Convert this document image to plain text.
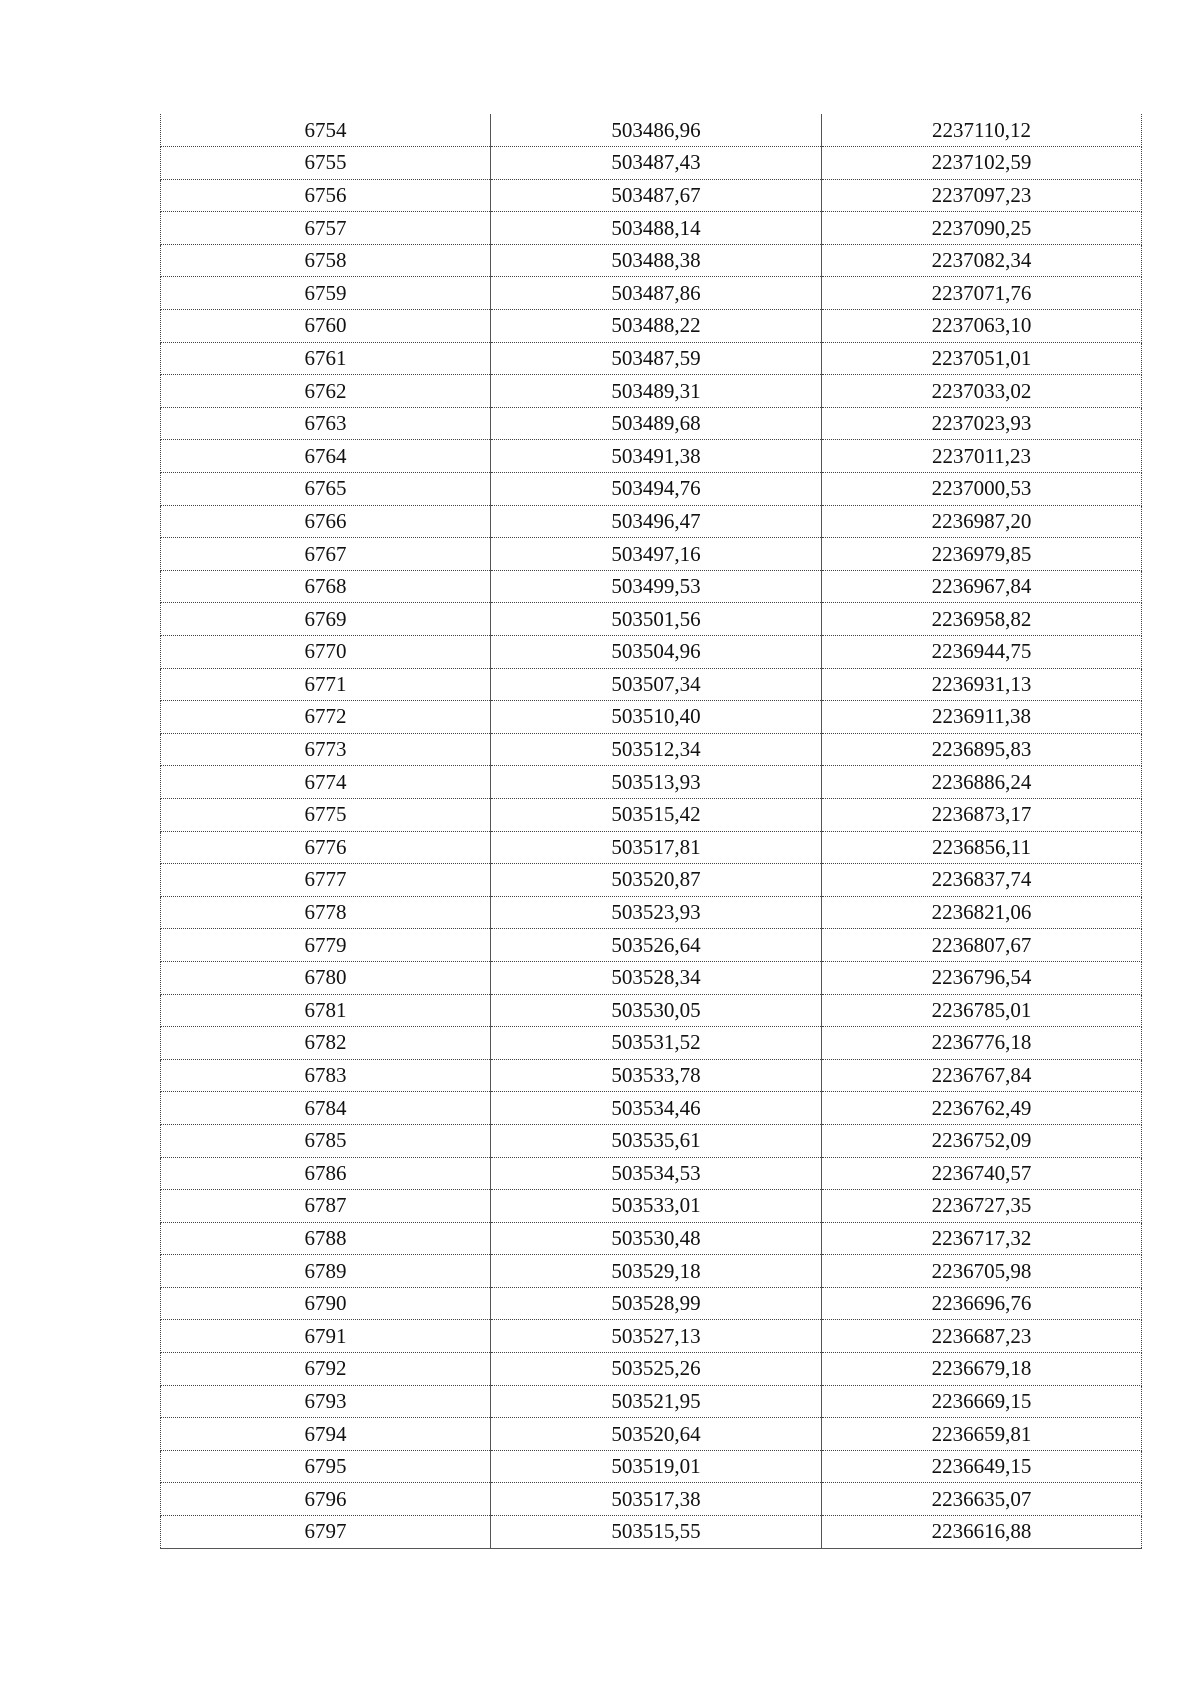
6754	503486,96	2237110,12
6755	503487,43	2237102,59
6756	503487,67	2237097,23
6757	503488,14	2237090,25
6758	503488,38	2237082,34
6759	503487,86	2237071,76
6760	503488,22	2237063,10
6761	503487,59	2237051,01
6762	503489,31	2237033,02
6763	503489,68	2237023,93
6764	503491,38	2237011,23
6765	503494,76	2237000,53
6766	503496,47	2236987,20
6767	503497,16	2236979,85
6768	503499,53	2236967,84
6769	503501,56	2236958,82
6770	503504,96	2236944,75
6771	503507,34	2236931,13
6772	503510,40	2236911,38
6773	503512,34	2236895,83
6774	503513,93	2236886,24
6775	503515,42	2236873,17
6776	503517,81	2236856,11
6777	503520,87	2236837,74
6778	503523,93	2236821,06
6779	503526,64	2236807,67
6780	503528,34	2236796,54
6781	503530,05	2236785,01
6782	503531,52	2236776,18
6783	503533,78	2236767,84
6784	503534,46	2236762,49
6785	503535,61	2236752,09
6786	503534,53	2236740,57
6787	503533,01	2236727,35
6788	503530,48	2236717,32
6789	503529,18	2236705,98
6790	503528,99	2236696,76
6791	503527,13	2236687,23
6792	503525,26	2236679,18
6793	503521,95	2236669,15
6794	503520,64	2236659,81
6795	503519,01	2236649,15
6796	503517,38	2236635,07
6797	503515,55	2236616,88
